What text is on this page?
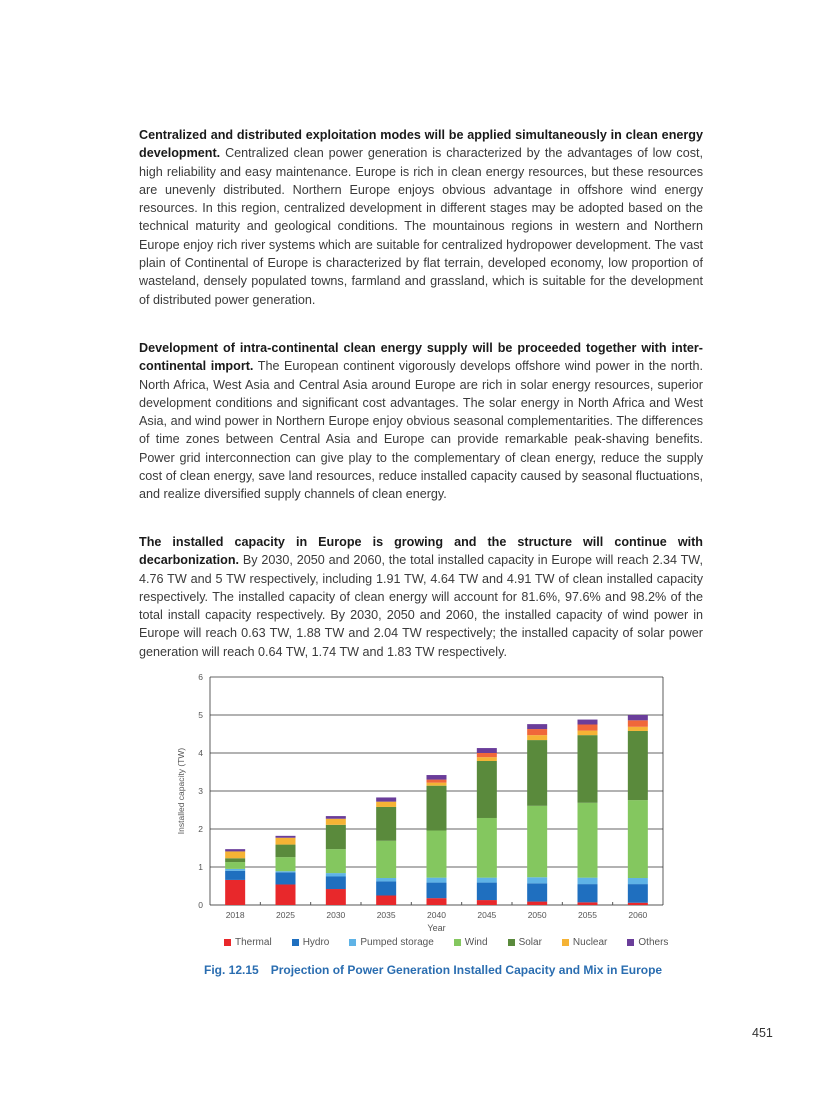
Centralized and distributed exploitation modes will be applied simultaneously in clean energy development. Centralized clean power generation is characterized by the advantages of low cost, high reliability and easy maintenance. Europe is rich in clean energy resources, but these resources are unevenly distributed. Northern Europe enjoys obvious advantage in offshore wind energy resources. In this region, centralized development in different stages may be adopted based on the technical maturity and geological conditions. The mountainous regions in western and Northern Europe enjoy rich river systems which are suitable for centralized hydropower development. The vast plain of Continental of Europe is characterized by flat terrain, developed economy, low proportion of wasteland, densely populated towns, farmland and grassland, which is suitable for the development of distributed power generation.

Development of intra-continental clean energy supply will be proceeded together with inter-continental import. The European continent vigorously develops offshore wind power in the north. North Africa, West Asia and Central Asia around Europe are rich in solar energy resources, superior development conditions and significant cost advantages. The solar energy in North Africa and West Asia, and wind power in Northern Europe enjoy obvious seasonal complementarities. The differences of time zones between Central Asia and Europe can provide remarkable peak-shaving benefits. Power grid interconnection can give play to the complementary of clean energy, reduce the supply cost of clean energy, save land resources, reduce installed capacity caused by seasonal fluctuations, and realize diversified supply channels of clean energy.

The installed capacity in Europe is growing and the structure will continue with decarbonization. By 2030, 2050 and 2060, the total installed capacity in Europe will reach 2.34 TW, 4.76 TW and 5 TW respectively, including 1.91 TW, 4.64 TW and 4.91 TW of clean installed capacity respectively. The installed capacity of clean energy will account for 81.6%, 97.6% and 98.2% of the total install capacity respectively. By 2030, 2050 and 2060, the installed capacity of wind power in Europe will reach 0.63 TW, 1.88 TW and 2.04 TW respectively; the installed capacity of solar power generation will reach 0.64 TW, 1.74 TW and 1.83 TW respectively.

0
1
2
3
4
5
6
Installed capacity (TW)
2018	2025	2030	2035	2040	2045	2050	2055	2060
Year
Thermal	Hydro	Pumped storage	Wind	Solar	Nuclear	Others
Fig. 12.15 Projection of Power Generation Installed Capacity and Mix in Europe
451
